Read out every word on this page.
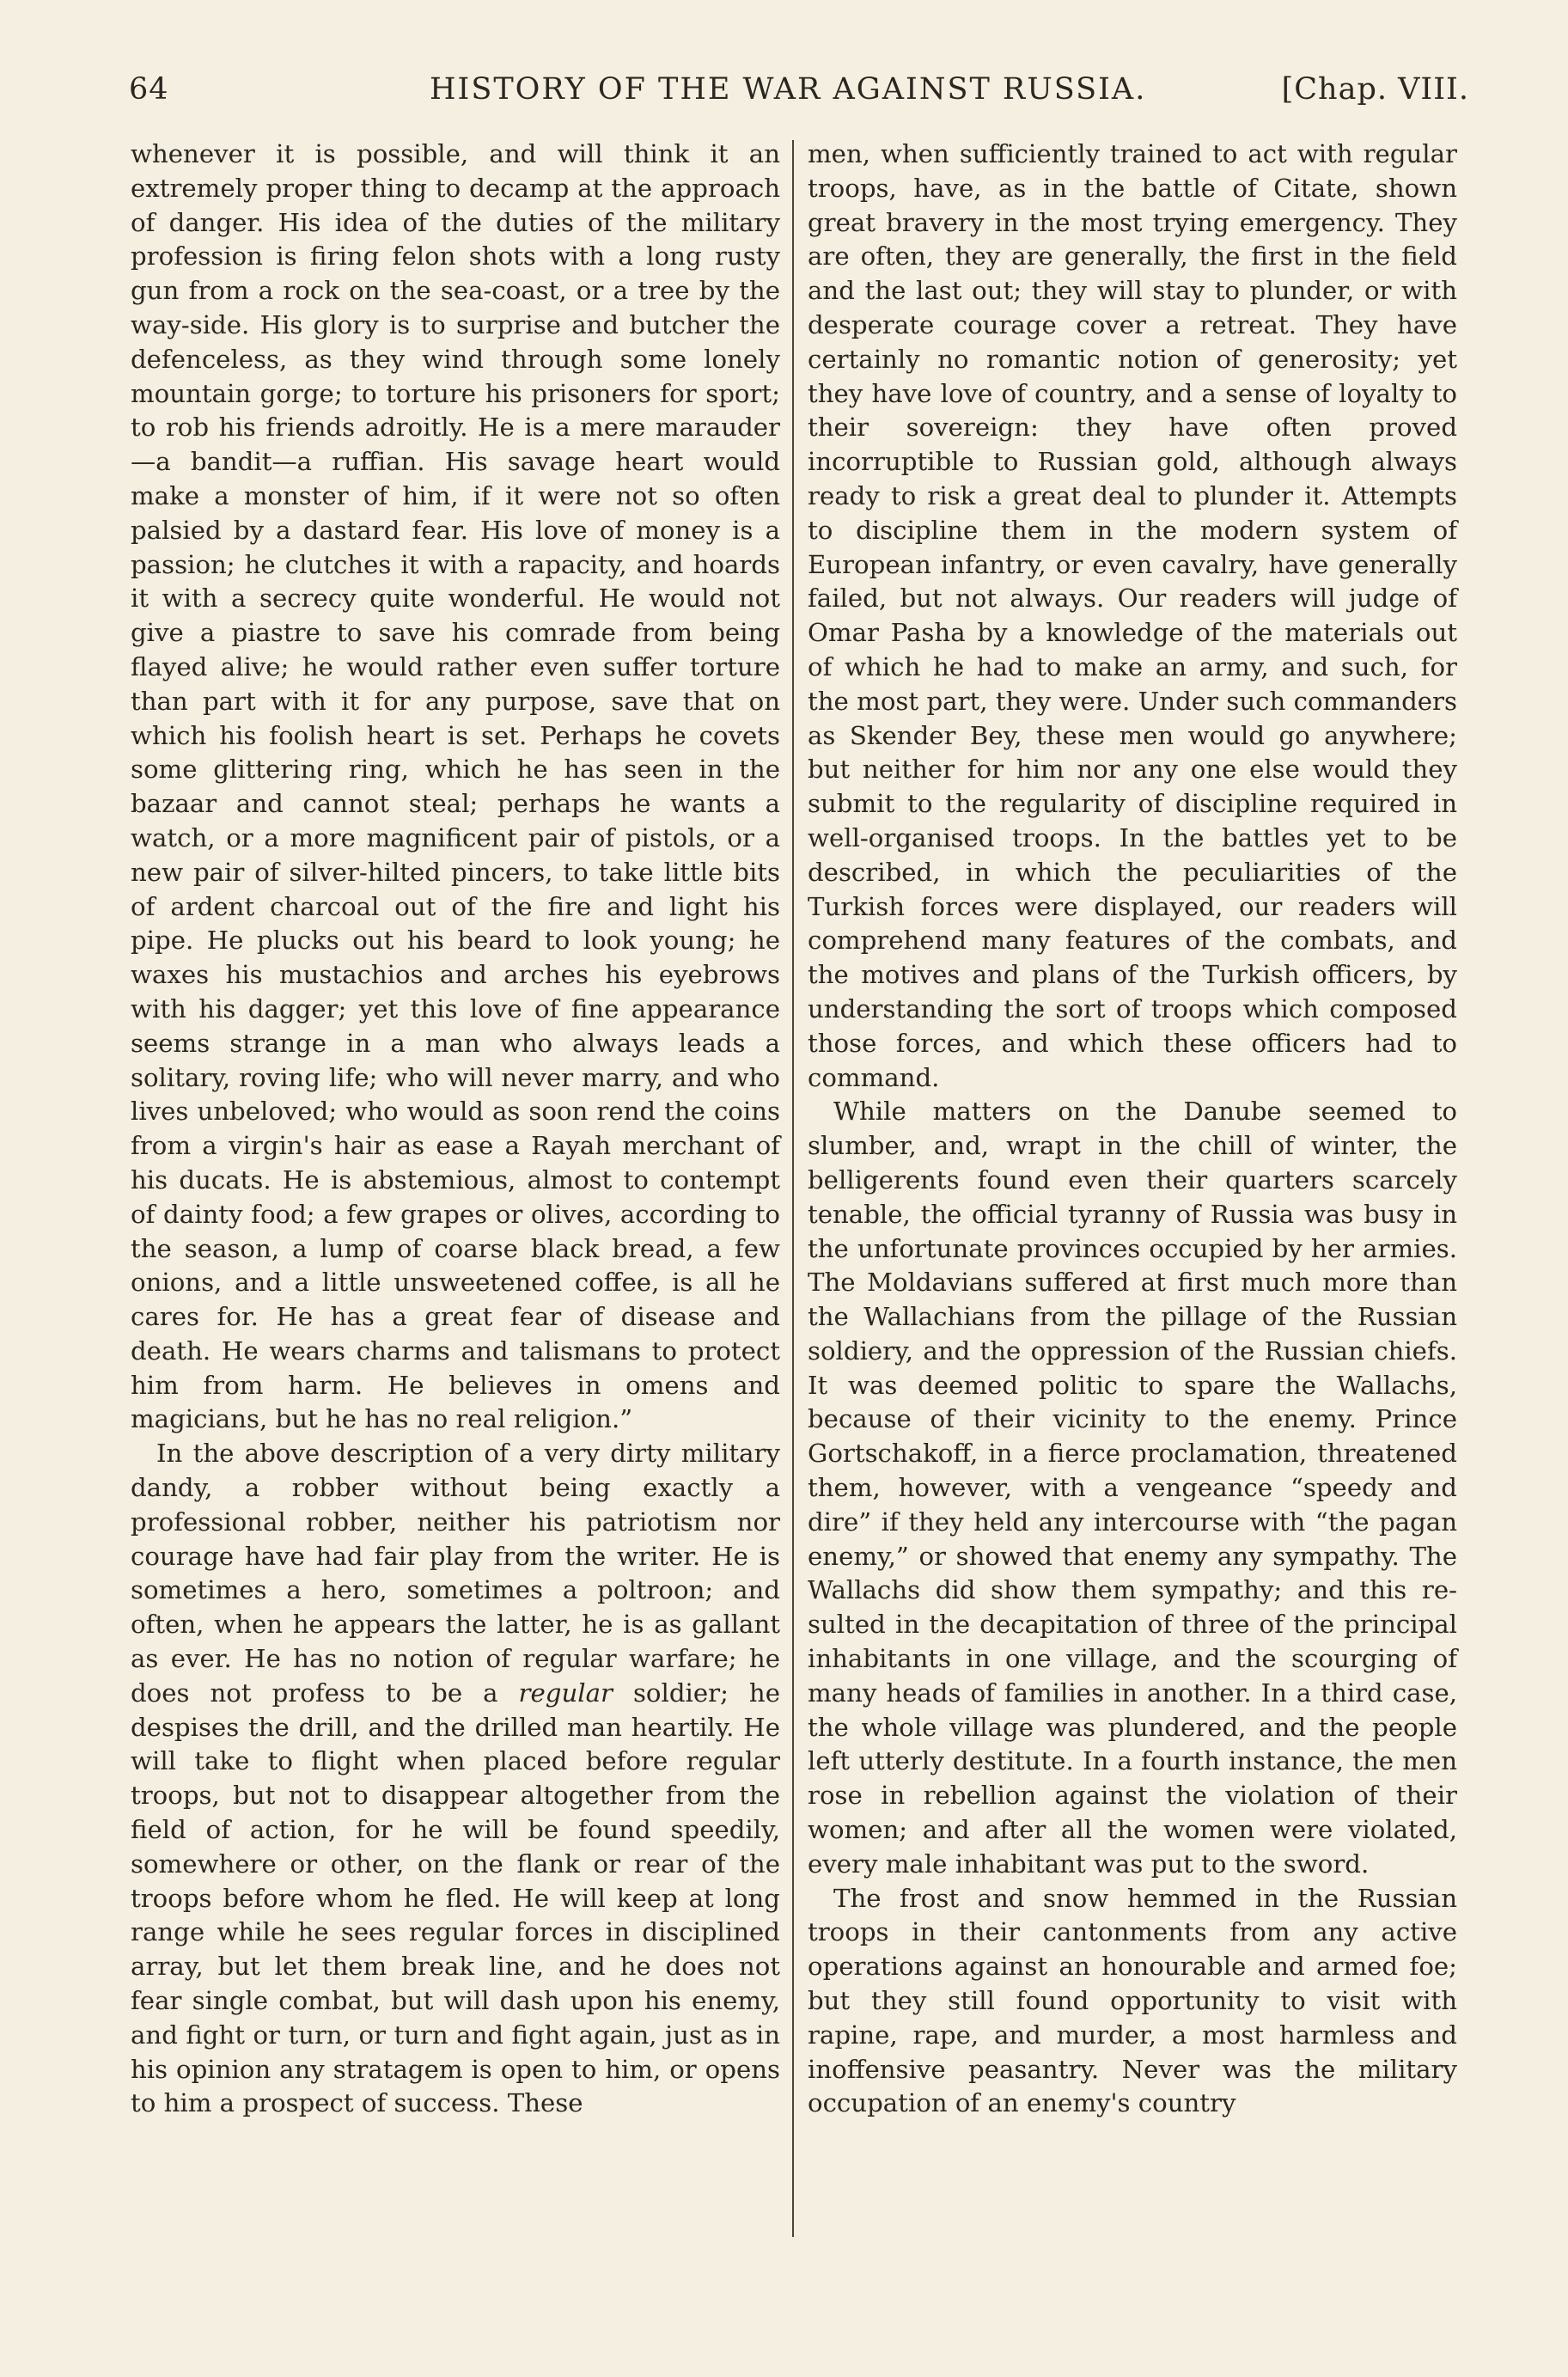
64	HISTORY OF THE WAR AGAINST RUSSIA.	[Chap. VIII.

whenever it is possible, and will think it an extremely proper thing to decamp at the approach of danger. His idea of the duties of the military profession is firing felon shots with a long rusty gun from a rock on the sea-coast, or a tree by the way-side. His glory is to surprise and butcher the defenceless, as they wind through some lonely mountain gorge; to torture his prisoners for sport; to rob his friends adroitly. He is a mere marauder—a bandit—a ruffian. His savage heart would make a monster of him, if it were not so often palsied by a dastard fear. His love of money is a passion; he clutches it with a rapacity, and hoards it with a secrecy quite wonderful. He would not give a piastre to save his comrade from being flayed alive; he would rather even suffer torture than part with it for any purpose, save that on which his foolish heart is set. Perhaps he covets some glittering ring, which he has seen in the bazaar and cannot steal; perhaps he wants a watch, or a more magnificent pair of pistols, or a new pair of silver-hilted pincers, to take little bits of ardent charcoal out of the fire and light his pipe. He plucks out his beard to look young; he waxes his mustachios and arches his eyebrows with his dagger; yet this love of fine appearance seems strange in a man who always leads a solitary, roving life; who will never marry, and who lives unbeloved; who would as soon rend the coins from a virgin's hair as ease a Rayah merchant of his ducats. He is abstemious, almost to contempt of dainty food; a few grapes or olives, according to the season, a lump of coarse black bread, a few onions, and a little unsweetened coffee, is all he cares for. He has a great fear of disease and death. He wears charms and talismans to protect him from harm. He believes in omens and magicians, but he has no real religion.”

In the above description of a very dirty military dandy, a robber without being exactly a professional robber, neither his patriotism nor courage have had fair play from the writer. He is sometimes a hero, sometimes a poltroon; and often, when he appears the latter, he is as gallant as ever. He has no notion of regular warfare; he does not profess to be a regular soldier; he despises the drill, and the drilled man heartily. He will take to flight when placed before regular troops, but not to disappear altogether from the field of action, for he will be found speedily, somewhere or other, on the flank or rear of the troops before whom he fled. He will keep at long range while he sees regular forces in disciplined array, but let them break line, and he does not fear single combat, but will dash upon his enemy, and fight or turn, or turn and fight again, just as in his opinion any stratagem is open to him, or opens to him a prospect of success. These

men, when sufficiently trained to act with regular troops, have, as in the battle of Citate, shown great bravery in the most trying emergency. They are often, they are generally, the first in the field and the last out; they will stay to plunder, or with desperate courage cover a retreat. They have certainly no romantic notion of generosity; yet they have love of country, and a sense of loyalty to their sovereign: they have often proved incorruptible to Russian gold, although always ready to risk a great deal to plunder it. Attempts to discipline them in the modern system of European infantry, or even cavalry, have generally failed, but not always. Our readers will judge of Omar Pasha by a knowledge of the materials out of which he had to make an army, and such, for the most part, they were. Under such commanders as Skender Bey, these men would go anywhere; but neither for him nor any one else would they submit to the regularity of discipline required in well-organised troops. In the battles yet to be described, in which the peculiarities of the Turkish forces were displayed, our readers will comprehend many features of the combats, and the motives and plans of the Turkish officers, by understanding the sort of troops which composed those forces, and which these officers had to command.

While matters on the Danube seemed to slumber, and, wrapt in the chill of winter, the belligerents found even their quarters scarcely tenable, the official tyranny of Russia was busy in the unfortunate provinces occupied by her armies. The Moldavians suffered at first much more than the Wallachians from the pillage of the Russian soldiery, and the oppression of the Russian chiefs. It was deemed politic to spare the Wallachs, because of their vicinity to the enemy. Prince Gortschakoff, in a fierce proclamation, threatened them, however, with a vengeance “speedy and dire” if they held any intercourse with “the pagan enemy,” or showed that enemy any sympathy. The Wallachs did show them sympathy; and this resulted in the decapitation of three of the principal inhabitants in one village, and the scourging of many heads of families in another. In a third case, the whole village was plundered, and the people left utterly destitute. In a fourth instance, the men rose in rebellion against the violation of their women; and after all the women were violated, every male inhabitant was put to the sword.

The frost and snow hemmed in the Russian troops in their cantonments from any active operations against an honourable and armed foe; but they still found opportunity to visit with rapine, rape, and murder, a most harmless and inoffensive peasantry. Never was the military occupation of an enemy's country
